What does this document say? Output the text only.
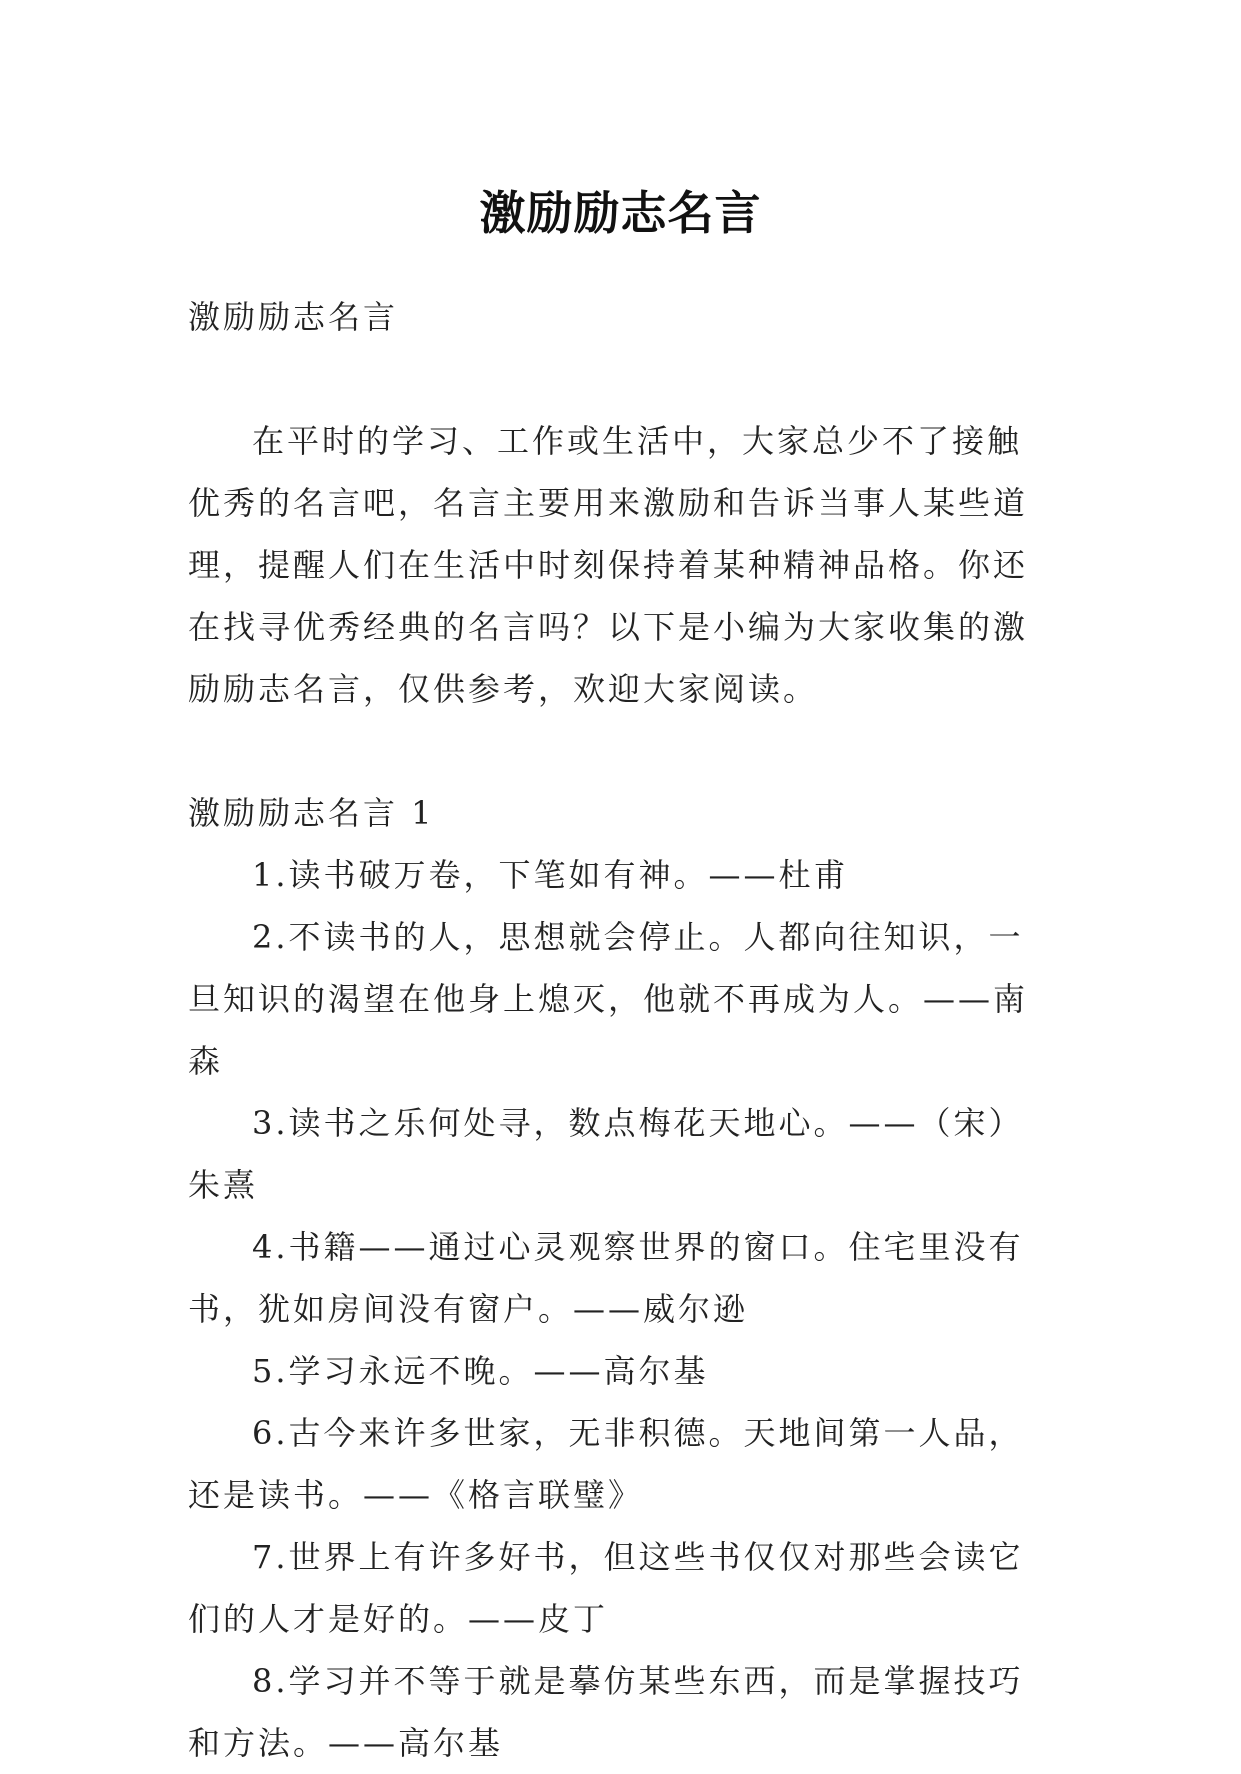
激励励志名言

激励励志名言

在平时的学习、工作或生活中，大家总少不了接触优秀的名言吧，名言主要用来激励和告诉当事人某些道理，提醒人们在生活中时刻保持着某种精神品格。你还在找寻优秀经典的名言吗？以下是小编为大家收集的激励励志名言，仅供参考，欢迎大家阅读。

激励励志名言 1

1.读书破万卷，下笔如有神。——杜甫

2.不读书的人，思想就会停止。人都向往知识，一旦知识的渴望在他身上熄灭，他就不再成为人。——南森

3.读书之乐何处寻，数点梅花天地心。——（宋）朱熹

4.书籍——通过心灵观察世界的窗口。住宅里没有书，犹如房间没有窗户。——威尔逊

5.学习永远不晚。——高尔基

6.古今来许多世家，无非积德。天地间第一人品，还是读书。——《格言联璧》

7.世界上有许多好书，但这些书仅仅对那些会读它们的人才是好的。——皮丁

8.学习并不等于就是摹仿某些东西，而是掌握技巧和方法。——高尔基
